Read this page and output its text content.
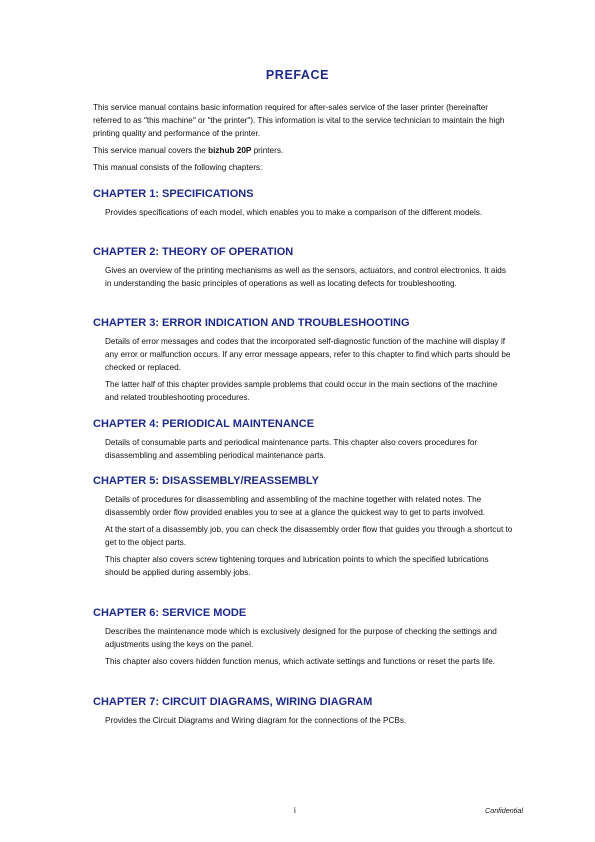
PREFACE

This service manual contains basic information required for after-sales service of the laser printer (hereinafter referred to as "this machine" or "the printer"). This information is vital to the service technician to maintain the high printing quality and performance of the printer.

This service manual covers the bizhub 20P printers.

This manual consists of the following chapters:

CHAPTER 1: SPECIFICATIONS

Provides specifications of each model, which enables you to make a comparison of the different models.

CHAPTER 2: THEORY OF OPERATION

Gives an overview of the printing mechanisms as well as the sensors, actuators, and control electronics. It aids in understanding the basic principles of operations as well as locating defects for troubleshooting.

CHAPTER 3: ERROR INDICATION AND TROUBLESHOOTING

Details of error messages and codes that the incorporated self-diagnostic function of the machine will display if any error or malfunction occurs. If any error message appears, refer to this chapter to find which parts should be checked or replaced.

The latter half of this chapter provides sample problems that could occur in the main sections of the machine and related troubleshooting procedures.

CHAPTER 4: PERIODICAL MAINTENANCE

Details of consumable parts and periodical maintenance parts. This chapter also covers procedures for disassembling and assembling periodical maintenance parts.

CHAPTER 5: DISASSEMBLY/REASSEMBLY

Details of procedures for disassembling and assembling of the machine together with related notes. The disassembly order flow provided enables you to see at a glance the quickest way to get to parts involved.

At the start of a disassembly job, you can check the disassembly order flow that guides you through a shortcut to get to the object parts.

This chapter also covers screw tightening torques and lubrication points to which the specified lubrications should be applied during assembly jobs.

CHAPTER 6: SERVICE MODE

Describes the maintenance mode which is exclusively designed for the purpose of checking the settings and adjustments using the keys on the panel.

This chapter also covers hidden function menus, which activate settings and functions or reset the parts life.

CHAPTER 7: CIRCUIT DIAGRAMS, WIRING DIAGRAM

Provides the Circuit Diagrams and Wiring diagram for the connections of the PCBs.

i	Confidential
